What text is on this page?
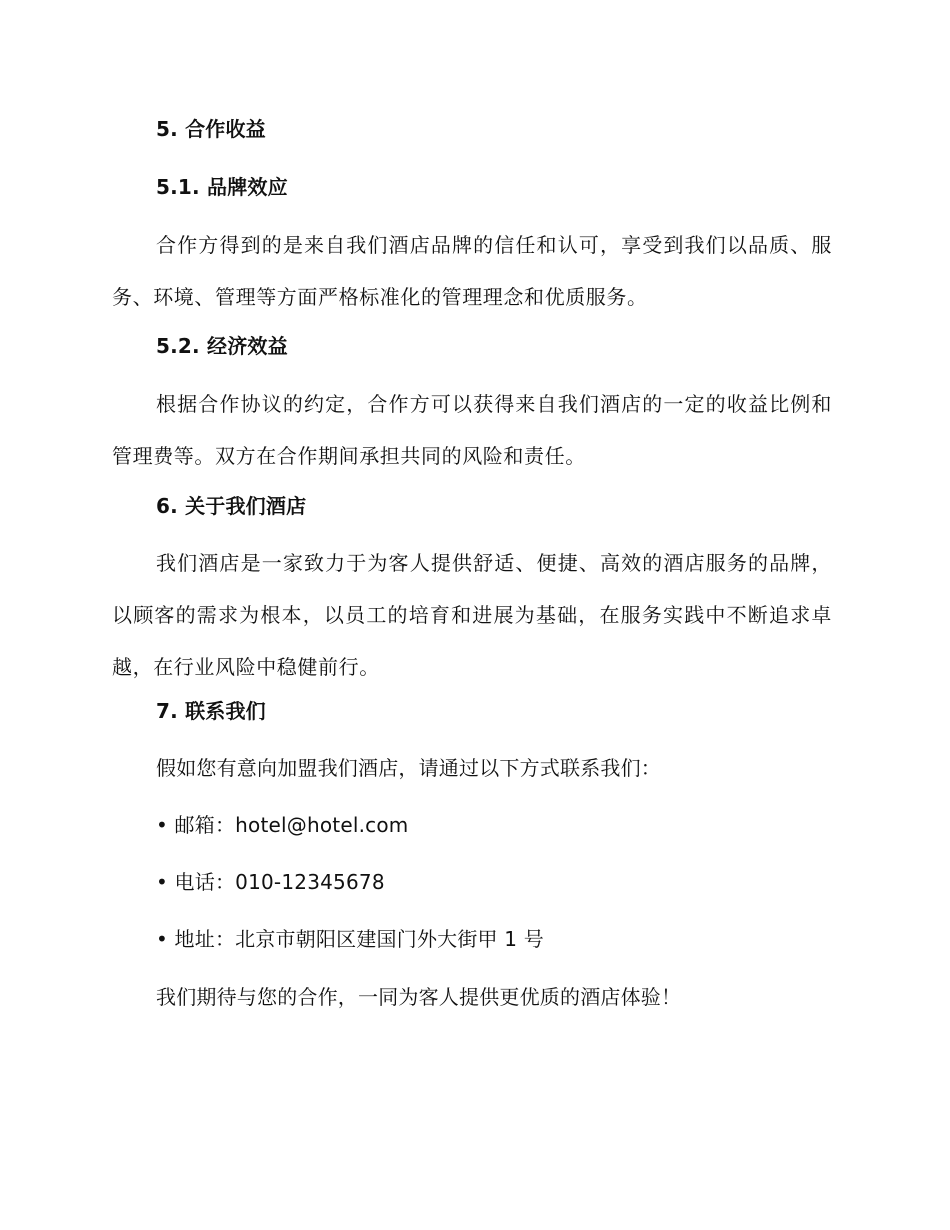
5. 合作收益
5.1. 品牌效应

合作方得到的是来自我们酒店品牌的信任和认可，享受到我们以品质、服务、环境、管理等方面严格标准化的管理理念和优质服务。

5.2. 经济效益

根据合作协议的约定，合作方可以获得来自我们酒店的一定的收益比例和管理费等。双方在合作期间承担共同的风险和责任。

6. 关于我们酒店

我们酒店是一家致力于为客人提供舒适、便捷、高效的酒店服务的品牌，以顾客的需求为根本，以员工的培育和进展为基础，在服务实践中不断追求卓越，在行业风险中稳健前行。

7. 联系我们
假如您有意向加盟我们酒店，请通过以下方式联系我们：
• 邮箱：hotel@hotel.com
• 电话：010-12345678
• 地址：北京市朝阳区建国门外大街甲 1 号
我们期待与您的合作，一同为客人提供更优质的酒店体验！
